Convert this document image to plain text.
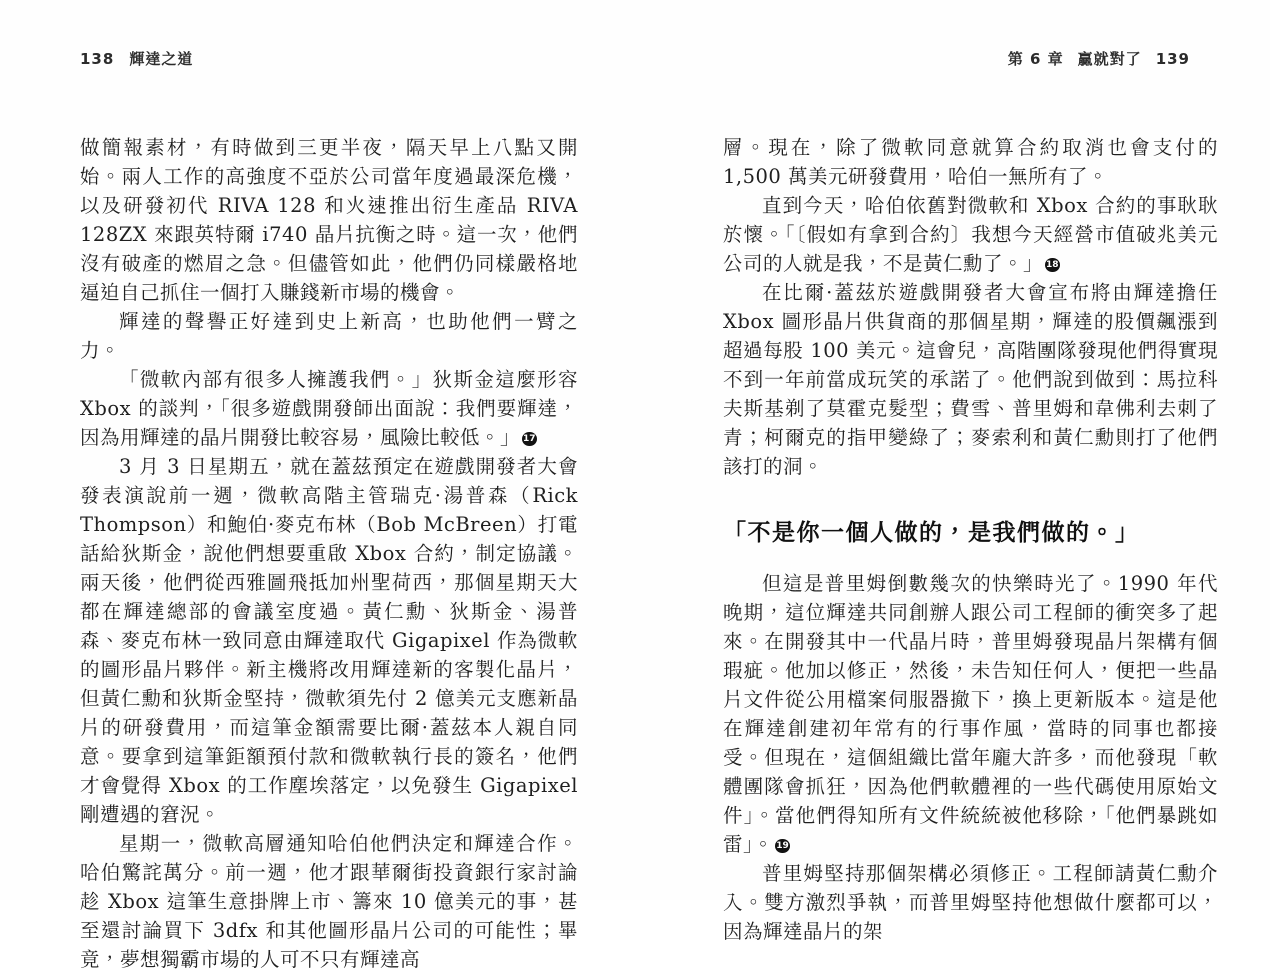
138 輝達之道

做簡報素材，有時做到三更半夜，隔天早上八點又開始。兩人工作的高強度不亞於公司當年度過最深危機，以及研發初代 RIVA 128 和火速推出衍生產品 RIVA 128ZX 來跟英特爾 i740 晶片抗衡之時。這一次，他們沒有破產的燃眉之急。但儘管如此，他們仍同樣嚴格地逼迫自己抓住一個打入賺錢新市場的機會。

輝達的聲譽正好達到史上新高，也助他們一臂之力。

「微軟內部有很多人擁護我們。」狄斯金這麼形容 Xbox 的談判，「很多遊戲開發師出面說：我們要輝達，因為用輝達的晶片開發比較容易，風險比較低。」 17

3 月 3 日星期五，就在蓋茲預定在遊戲開發者大會發表演說前一週，微軟高階主管瑞克·湯普森（Rick Thompson）和鮑伯·麥克布林（Bob McBreen）打電話給狄斯金，說他們想要重啟 Xbox 合約，制定協議。兩天後，他們從西雅圖飛抵加州聖荷西，那個星期天大都在輝達總部的會議室度過。黃仁勳、狄斯金、湯普森、麥克布林一致同意由輝達取代 Gigapixel 作為微軟的圖形晶片夥伴。新主機將改用輝達新的客製化晶片，但黃仁勳和狄斯金堅持，微軟須先付 2 億美元支應新晶片的研發費用，而這筆金額需要比爾·蓋茲本人親自同意。要拿到這筆鉅額預付款和微軟執行長的簽名，他們才會覺得 Xbox 的工作塵埃落定，以免發生 Gigapixel 剛遭遇的窘況。

星期一，微軟高層通知哈伯他們決定和輝達合作。哈伯驚詫萬分。前一週，他才跟華爾街投資銀行家討論趁 Xbox 這筆生意掛牌上市、籌來 10 億美元的事，甚至還討論買下 3dfx 和其他圖形晶片公司的可能性；畢竟，夢想獨霸市場的人可不只有輝達高

第 6 章 贏就對了 139

層。現在，除了微軟同意就算合約取消也會支付的 1,500 萬美元研發費用，哈伯一無所有了。

直到今天，哈伯依舊對微軟和 Xbox 合約的事耿耿於懷。「〔假如有拿到合約〕我想今天經營市值破兆美元公司的人就是我，不是黃仁勳了。」 18

在比爾·蓋茲於遊戲開發者大會宣布將由輝達擔任 Xbox 圖形晶片供貨商的那個星期，輝達的股價飆漲到超過每股 100 美元。這會兒，高階團隊發現他們得實現不到一年前當成玩笑的承諾了。他們說到做到：馬拉科夫斯基剃了莫霍克髮型；費雪、普里姆和韋佛利去刺了青；柯爾克的指甲變綠了；麥索利和黃仁勳則打了他們該打的洞。

「不是你一個人做的，是我們做的。」

但這是普里姆倒數幾次的快樂時光了。1990 年代晚期，這位輝達共同創辦人跟公司工程師的衝突多了起來。在開發其中一代晶片時，普里姆發現晶片架構有個瑕疵。他加以修正，然後，未告知任何人，便把一些晶片文件從公用檔案伺服器撤下，換上更新版本。這是他在輝達創建初年常有的行事作風，當時的同事也都接受。但現在，這個組織比當年龐大許多，而他發現「軟體團隊會抓狂，因為他們軟體裡的一些代碼使用原始文件」。當他們得知所有文件統統被他移除，「他們暴跳如雷」。 19

普里姆堅持那個架構必須修正。工程師請黃仁勳介入。雙方激烈爭執，而普里姆堅持他想做什麼都可以，因為輝達晶片的架
